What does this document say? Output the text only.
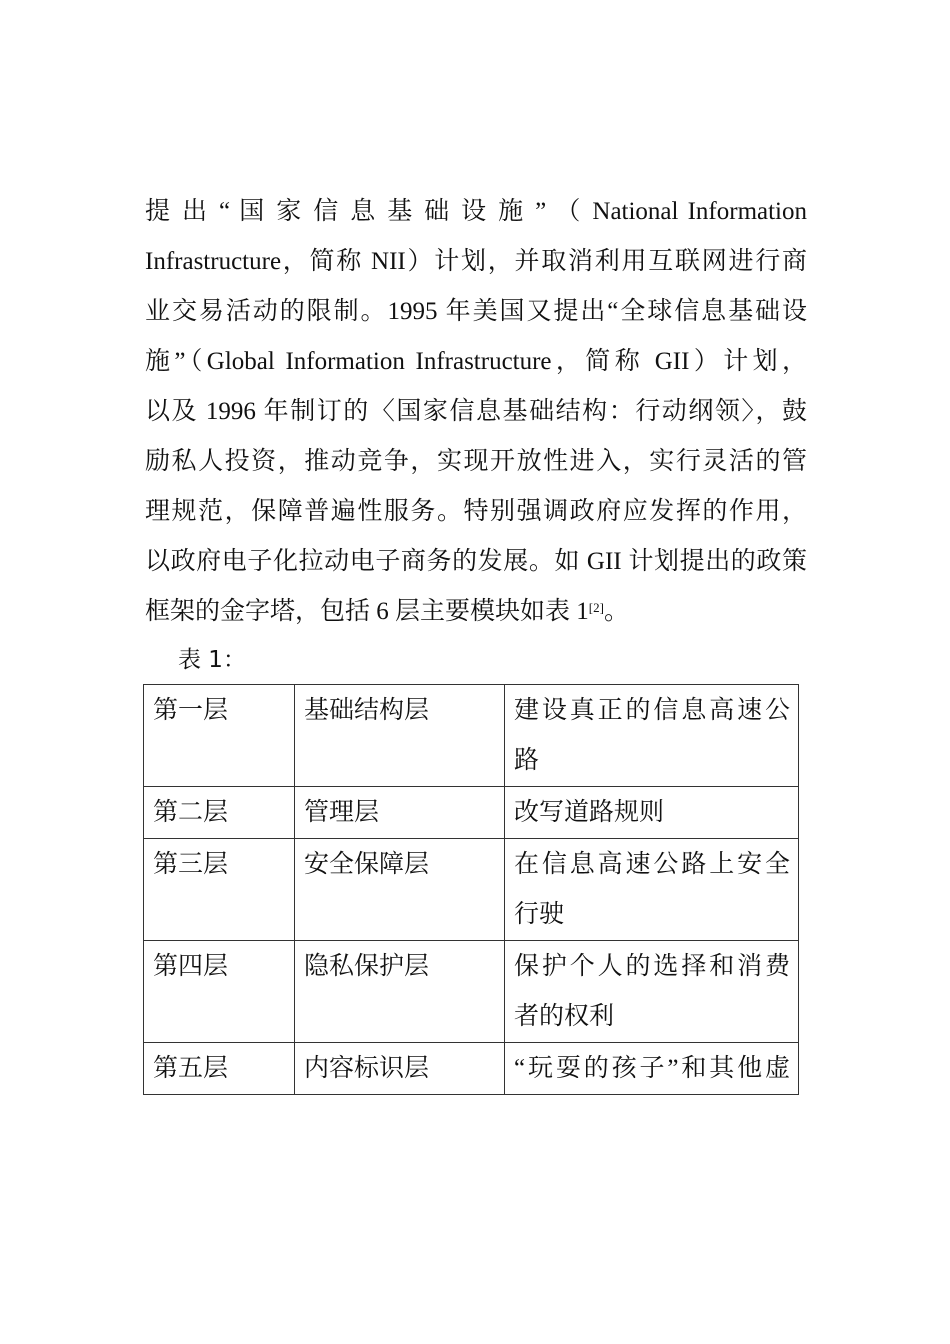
提 出 “ 国 家 信 息 基 础 设 施 ” （ National Information
Infrastructure，简称 NII）计划，并取消利用互联网进行商
业交易活动的限制。1995 年美国又提出“全球信息基础设
施”（Global Information Infrastructure，简称 GII）计划，
以及 1996 年制订的〈国家信息基础结构：行动纲领〉，鼓
励私人投资，推动竞争，实现开放性进入，实行灵活的管
理规范，保障普遍性服务。特别强调政府应发挥的作用，
以政府电子化拉动电子商务的发展。如 GII 计划提出的政策
框架的金字塔，包括 6 层主要模块如表 1[2]。
表 1：
第一层	基础结构层	建设真正的信息高速公
路

第二层	管理层	改写道路规则

第三层	安全保障层	在信息高速公路上安全
行驶

第四层	隐私保护层	保护个人的选择和消费
者的权利

第五层	内容标识层	“玩耍的孩子”和其他虚
